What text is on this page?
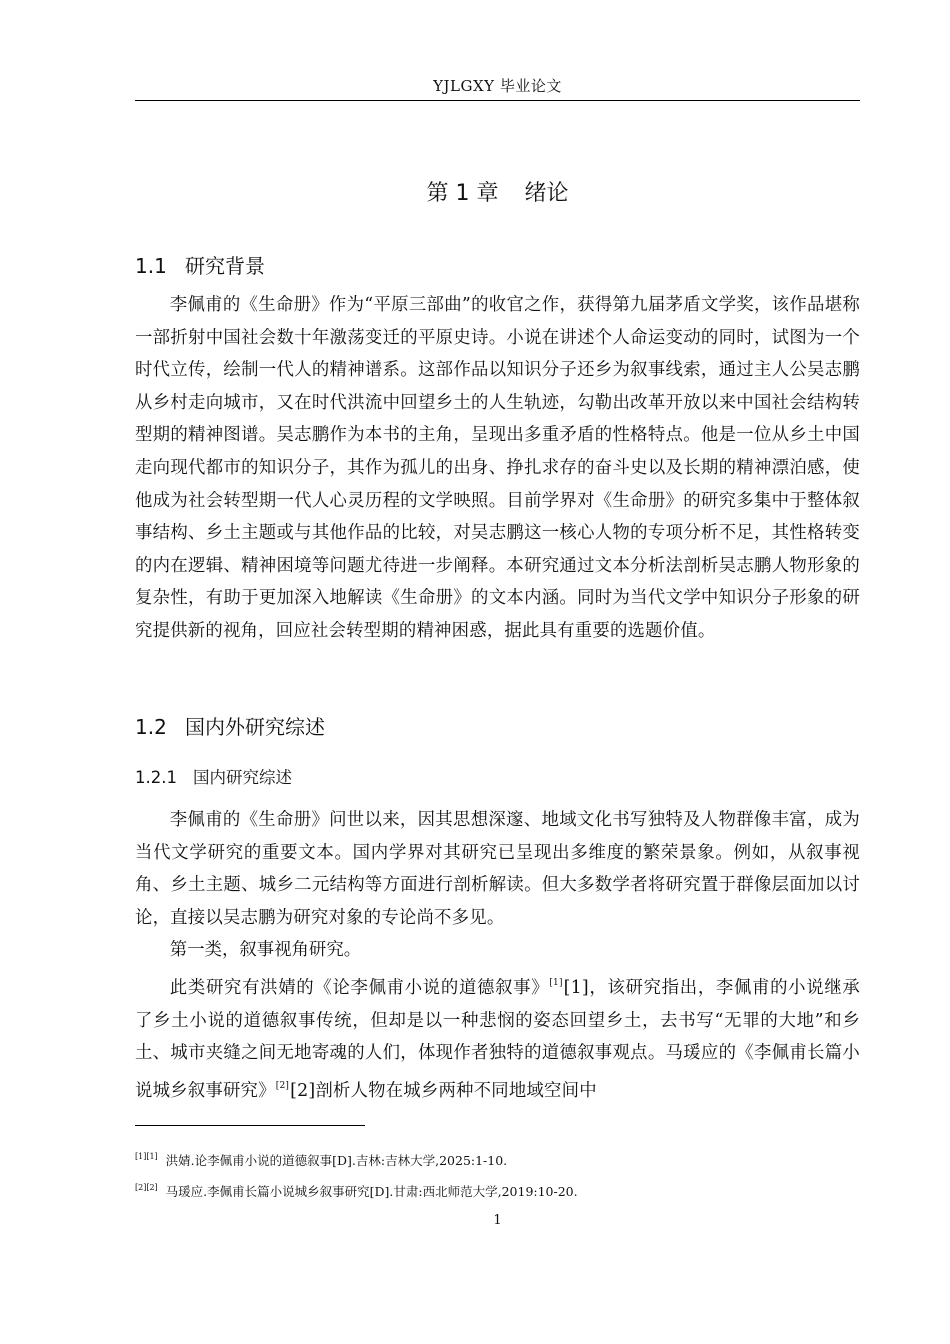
YJLGXY 毕业论文
第 1 章 绪论
1.1 研究背景

李佩甫的《生命册》作为“平原三部曲”的收官之作，获得第九届茅盾文学奖，该作品堪称一部折射中国社会数十年激荡变迁的平原史诗。小说在讲述个人命运变动的同时，试图为一个时代立传，绘制一代人的精神谱系。这部作品以知识分子还乡为叙事线索，通过主人公吴志鹏从乡村走向城市，又在时代洪流中回望乡土的人生轨迹，勾勒出改革开放以来中国社会结构转型期的精神图谱。吴志鹏作为本书的主角，呈现出多重矛盾的性格特点。他是一位从乡土中国走向现代都市的知识分子，其作为孤儿的出身、挣扎求存的奋斗史以及长期的精神漂泊感，使他成为社会转型期一代人心灵历程的文学映照。目前学界对《生命册》的研究多集中于整体叙事结构、乡土主题或与其他作品的比较，对吴志鹏这一核心人物的专项分析不足，其性格转变的内在逻辑、精神困境等问题尤待进一步阐释。本研究通过文本分析法剖析吴志鹏人物形象的复杂性，有助于更加深入地解读《生命册》的文本内涵。同时为当代文学中知识分子形象的研究提供新的视角，回应社会转型期的精神困惑，据此具有重要的选题价值。

1.2 国内外研究综述
1.2.1 国内研究综述

李佩甫的《生命册》问世以来，因其思想深邃、地域文化书写独特及人物群像丰富，成为当代文学研究的重要文本。国内学界对其研究已呈现出多维度的繁荣景象。例如，从叙事视角、乡土主题、城乡二元结构等方面进行剖析解读。但大多数学者将研究置于群像层面加以讨论，直接以吴志鹏为研究对象的专论尚不多见。

第一类，叙事视角研究。

此类研究有洪婧的《论李佩甫小说的道德叙事》[1][1]，该研究指出，李佩甫的小说继承了乡土小说的道德叙事传统，但却是以一种悲悯的姿态回望乡土，去书写“无罪的大地”和乡土、城市夹缝之间无地寄魂的人们，体现作者独特的道德叙事观点。马瑗应的《李佩甫长篇小说城乡叙事研究》[2][2]剖析人物在城乡两种不同地域空间中

[1][1] 洪婧.论李佩甫小说的道德叙事[D].吉林:吉林大学,2025:1-10.
[2][2] 马瑗应.李佩甫长篇小说城乡叙事研究[D].甘肃:西北师范大学,2019:10-20.
1
